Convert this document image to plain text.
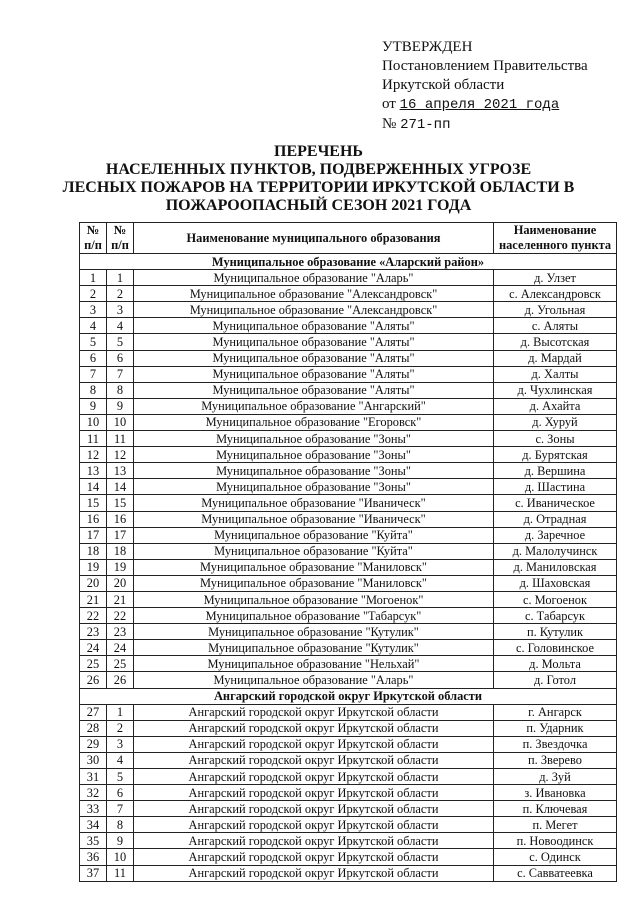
УТВЕРЖДЕН
Постановлением Правительства
Иркутской области
от 16 апреля 2021 года
№ 271-пп
ПЕРЕЧЕНЬ
НАСЕЛЕННЫХ ПУНКТОВ, ПОДВЕРЖЕННЫХ УГРОЗЕ
ЛЕСНЫХ ПОЖАРОВ НА ТЕРРИТОРИИ ИРКУТСКОЙ ОБЛАСТИ В
ПОЖАРООПАСНЫЙ СЕЗОН 2021 ГОДА
№ п/п	№ п/п	Наименование муниципального образования	Наименование населенного пункта
Муниципальное образование «Аларский район»			
1	1	Муниципальное образование "Аларь"	д. Улзет
2	2	Муниципальное образование "Александровск"	с. Александровск
3	3	Муниципальное образование "Александровск"	д. Угольная
4	4	Муниципальное образование "Аляты"	с. Аляты
5	5	Муниципальное образование "Аляты"	д. Высотская
6	6	Муниципальное образование "Аляты"	д. Мардай
7	7	Муниципальное образование "Аляты"	д. Халты
8	8	Муниципальное образование "Аляты"	д. Чухлинская
9	9	Муниципальное образование "Ангарский"	д. Ахайта
10	10	Муниципальное образование "Егоровск"	д. Хуруй
11	11	Муниципальное образование "Зоны"	с. Зоны
12	12	Муниципальное образование "Зоны"	д. Бурятская
13	13	Муниципальное образование "Зоны"	д. Вершина
14	14	Муниципальное образование "Зоны"	д. Шастина
15	15	Муниципальное образование "Иваническ"	с. Иваническое
16	16	Муниципальное образование "Иваническ"	д. Отрадная
17	17	Муниципальное образование "Куйта"	д. Заречное
18	18	Муниципальное образование "Куйта"	д. Малолучинск
19	19	Муниципальное образование "Маниловск"	д. Маниловская
20	20	Муниципальное образование "Маниловск"	д. Шаховская
21	21	Муниципальное образование "Могоенок"	с. Могоенок
22	22	Муниципальное образование "Табарсук"	с. Табарсук
23	23	Муниципальное образование "Кутулик"	п. Кутулик
24	24	Муниципальное образование "Кутулик"	с. Головинское
25	25	Муниципальное образование "Нельхай"	д. Мольта
26	26	Муниципальное образование "Аларь"	д. Готол
Ангарский городской округ Иркутской области			
27	1	Ангарский городской округ Иркутской области	г. Ангарск
28	2	Ангарский городской округ Иркутской области	п. Ударник
29	3	Ангарский городской округ Иркутской области	п. Звездочка
30	4	Ангарский городской округ Иркутской области	п. Зверево
31	5	Ангарский городской округ Иркутской области	д. Зуй
32	6	Ангарский городской округ Иркутской области	з. Ивановка
33	7	Ангарский городской округ Иркутской области	п. Ключевая
34	8	Ангарский городской округ Иркутской области	п. Мегет
35	9	Ангарский городской округ Иркутской области	п. Новоодинск
36	10	Ангарский городской округ Иркутской области	с. Одинск
37	11	Ангарский городской округ Иркутской области	с. Савватеевка
